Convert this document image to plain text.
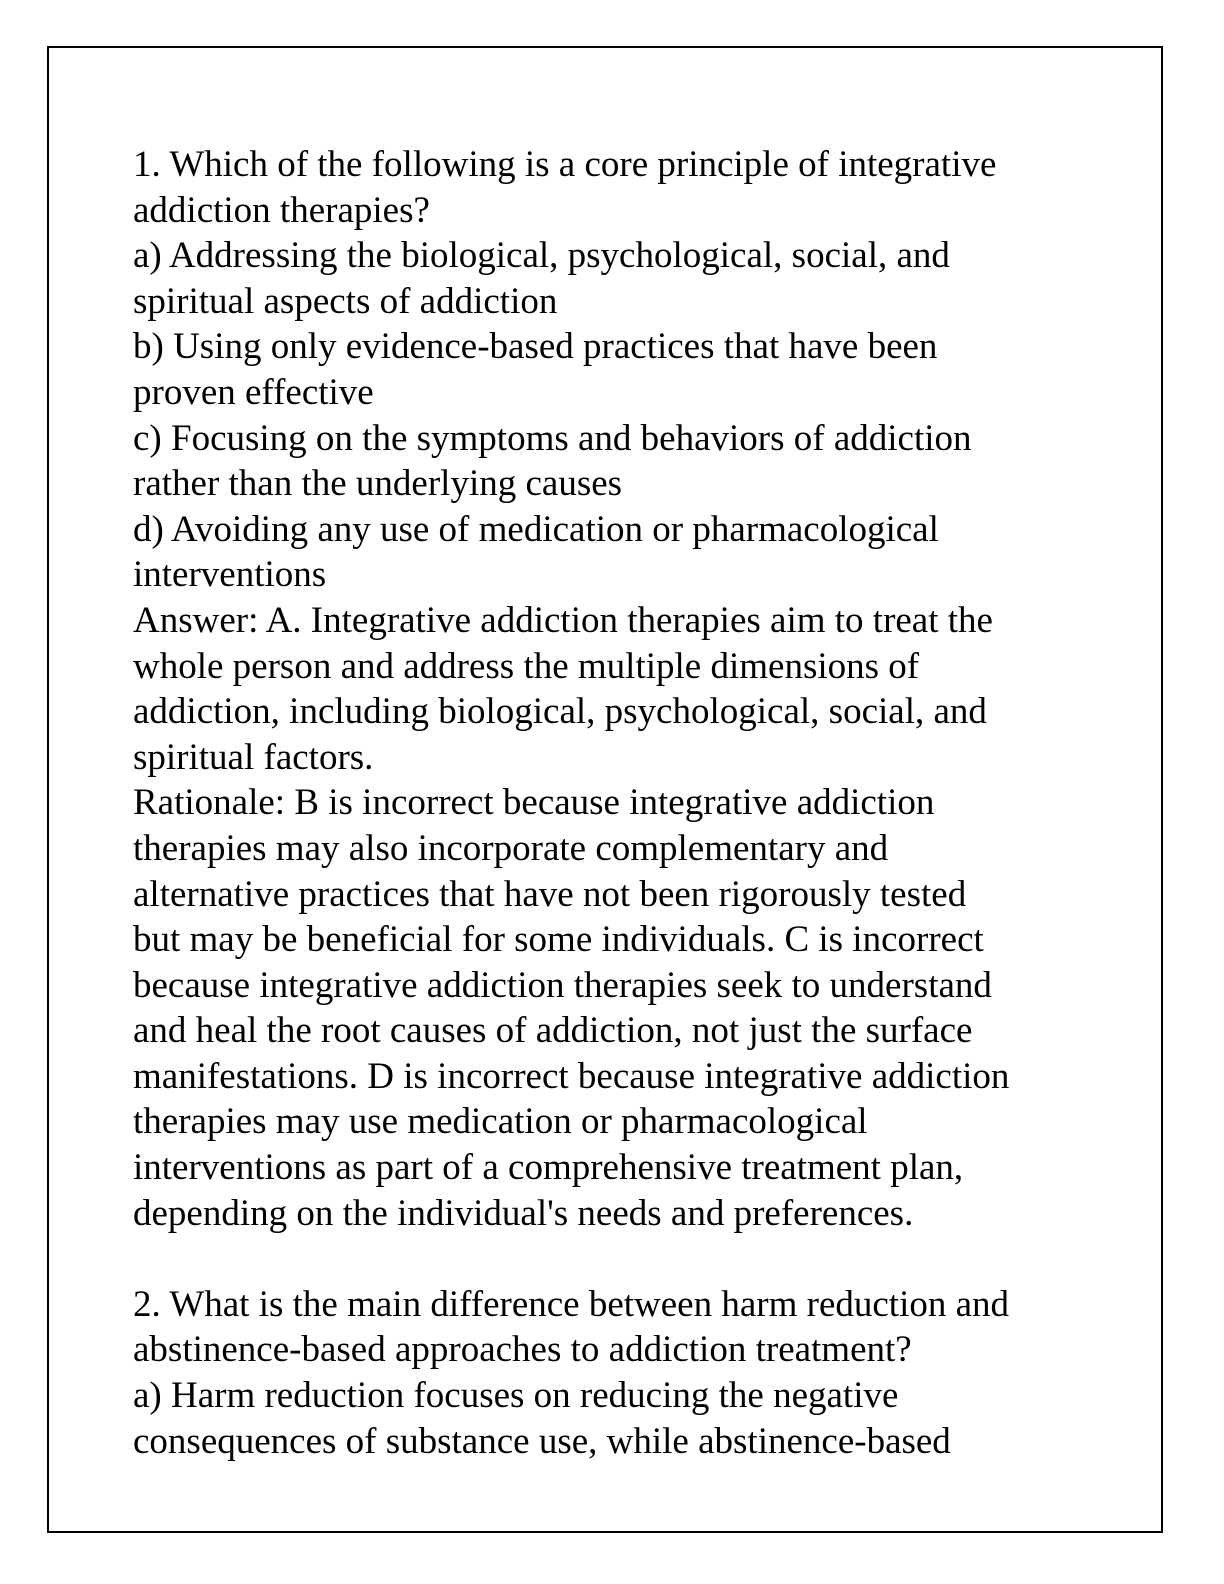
1. Which of the following is a core principle of integrative
addiction therapies?
a) Addressing the biological, psychological, social, and
spiritual aspects of addiction
b) Using only evidence-based practices that have been
proven effective
c) Focusing on the symptoms and behaviors of addiction
rather than the underlying causes
d) Avoiding any use of medication or pharmacological
interventions
Answer: A. Integrative addiction therapies aim to treat the
whole person and address the multiple dimensions of
addiction, including biological, psychological, social, and
spiritual factors.
Rationale: B is incorrect because integrative addiction
therapies may also incorporate complementary and
alternative practices that have not been rigorously tested
but may be beneficial for some individuals. C is incorrect
because integrative addiction therapies seek to understand
and heal the root causes of addiction, not just the surface
manifestations. D is incorrect because integrative addiction
therapies may use medication or pharmacological
interventions as part of a comprehensive treatment plan,
depending on the individual's needs and preferences.
2. What is the main difference between harm reduction and
abstinence-based approaches to addiction treatment?
a) Harm reduction focuses on reducing the negative
consequences of substance use, while abstinence-based
